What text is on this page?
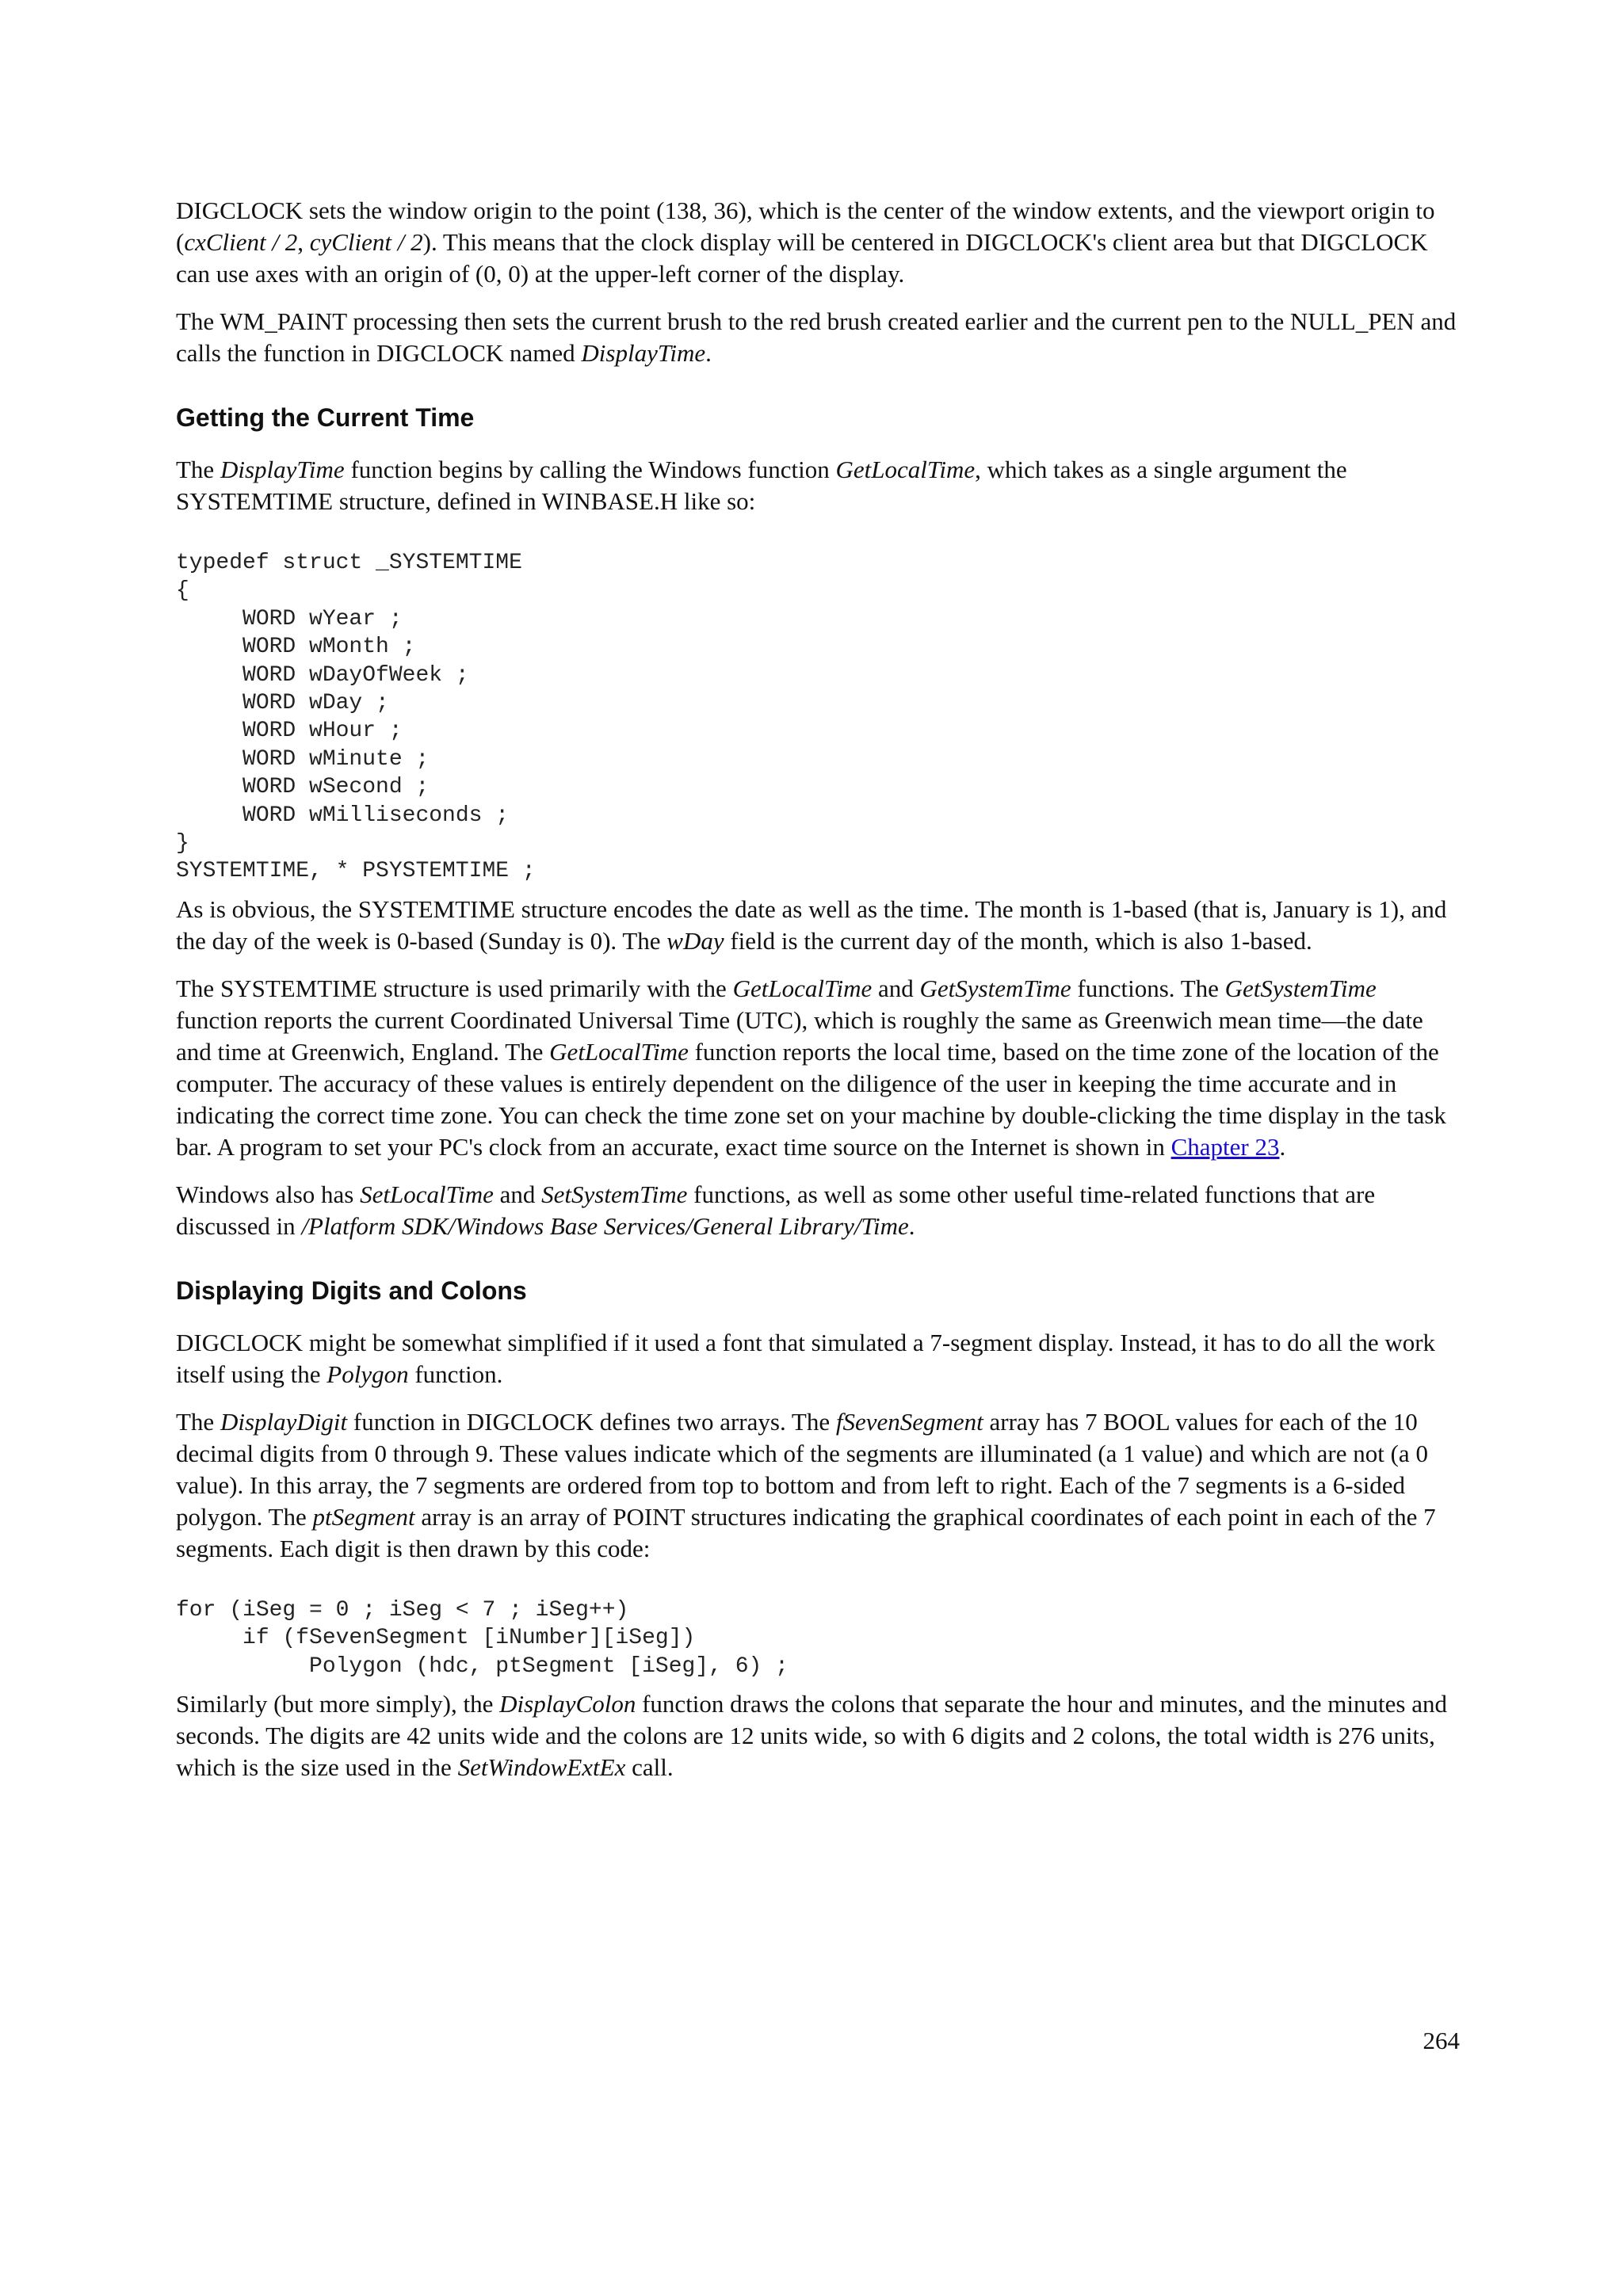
DIGCLOCK sets the window origin to the point (138, 36), which is the center of the window extents, and the viewport origin to (cxClient / 2, cyClient / 2). This means that the clock display will be centered in DIGCLOCK's client area but that DIGCLOCK can use axes with an origin of (0, 0) at the upper-left corner of the display.

The WM_PAINT processing then sets the current brush to the red brush created earlier and the current pen to the NULL_PEN and calls the function in DIGCLOCK named DisplayTime.

Getting the Current Time

The DisplayTime function begins by calling the Windows function GetLocalTime, which takes as a single argument the SYSTEMTIME structure, defined in WINBASE.H like so:

typedef struct _SYSTEMTIME
{
WORD wYear ;
WORD wMonth ;
WORD wDayOfWeek ;
WORD wDay ;
WORD wHour ;
WORD wMinute ;
WORD wSecond ;
WORD wMilliseconds ;
}
SYSTEMTIME, * PSYSTEMTIME ;

As is obvious, the SYSTEMTIME structure encodes the date as well as the time. The month is 1-based (that is, January is 1), and the day of the week is 0-based (Sunday is 0). The wDay field is the current day of the month, which is also 1-based.

The SYSTEMTIME structure is used primarily with the GetLocalTime and GetSystemTime functions. The GetSystemTime function reports the current Coordinated Universal Time (UTC), which is roughly the same as Greenwich mean time—the date and time at Greenwich, England. The GetLocalTime function reports the local time, based on the time zone of the location of the computer. The accuracy of these values is entirely dependent on the diligence of the user in keeping the time accurate and in indicating the correct time zone. You can check the time zone set on your machine by double-clicking the time display in the task bar. A program to set your PC's clock from an accurate, exact time source on the Internet is shown in Chapter 23.

Windows also has SetLocalTime and SetSystemTime functions, as well as some other useful time-related functions that are discussed in /Platform SDK/Windows Base Services/General Library/Time.

Displaying Digits and Colons

DIGCLOCK might be somewhat simplified if it used a font that simulated a 7-segment display. Instead, it has to do all the work itself using the Polygon function.

The DisplayDigit function in DIGCLOCK defines two arrays. The fSevenSegment array has 7 BOOL values for each of the 10 decimal digits from 0 through 9. These values indicate which of the segments are illuminated (a 1 value) and which are not (a 0 value). In this array, the 7 segments are ordered from top to bottom and from left to right. Each of the 7 segments is a 6-sided polygon. The ptSegment array is an array of POINT structures indicating the graphical coordinates of each point in each of the 7 segments. Each digit is then drawn by this code:

for (iSeg = 0 ; iSeg < 7 ; iSeg++)
if (fSevenSegment [iNumber][iSeg])
Polygon (hdc, ptSegment [iSeg], 6) ;

Similarly (but more simply), the DisplayColon function draws the colons that separate the hour and minutes, and the minutes and seconds. The digits are 42 units wide and the colons are 12 units wide, so with 6 digits and 2 colons, the total width is 276 units, which is the size used in the SetWindowExtEx call.

264
